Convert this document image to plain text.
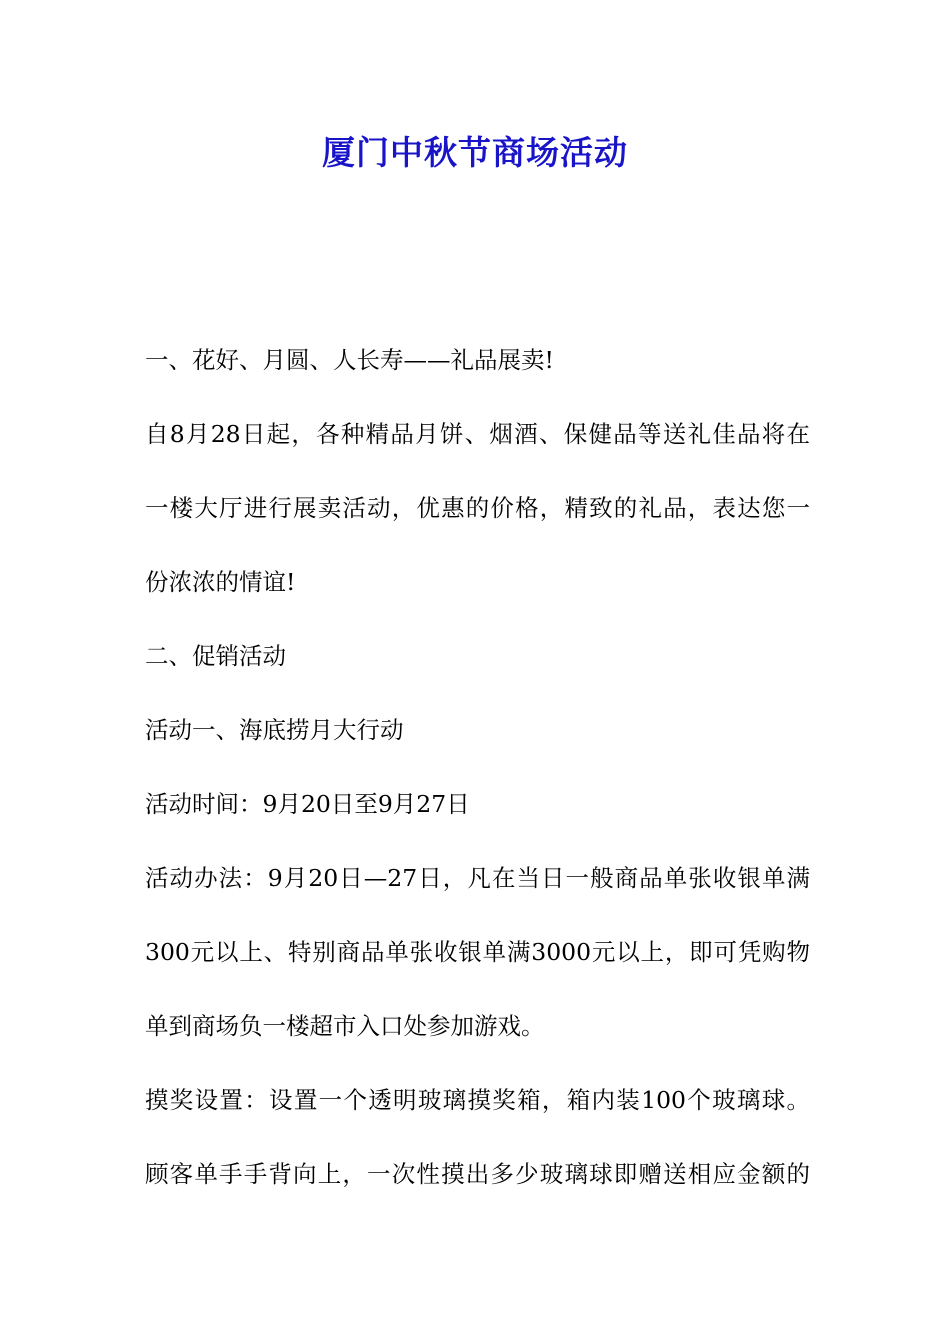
厦门中秋节商场活动
一、花好、月圆、人长寿——礼品展卖!
自8月28日起，各种精品月饼、烟酒、保健品等送礼佳品将在
一楼大厅进行展卖活动，优惠的价格，精致的礼品，表达您一
份浓浓的情谊!
二、促销活动
活动一、海底捞月大行动
活动时间：9月20日至9月27日
活动办法：9月20日—27日，凡在当日一般商品单张收银单满
300元以上、特别商品单张收银单满3000元以上，即可凭购物
单到商场负一楼超市入口处参加游戏。
摸奖设置：设置一个透明玻璃摸奖箱，箱内装100个玻璃球。
顾客单手手背向上，一次性摸出多少玻璃球即赠送相应金额的
